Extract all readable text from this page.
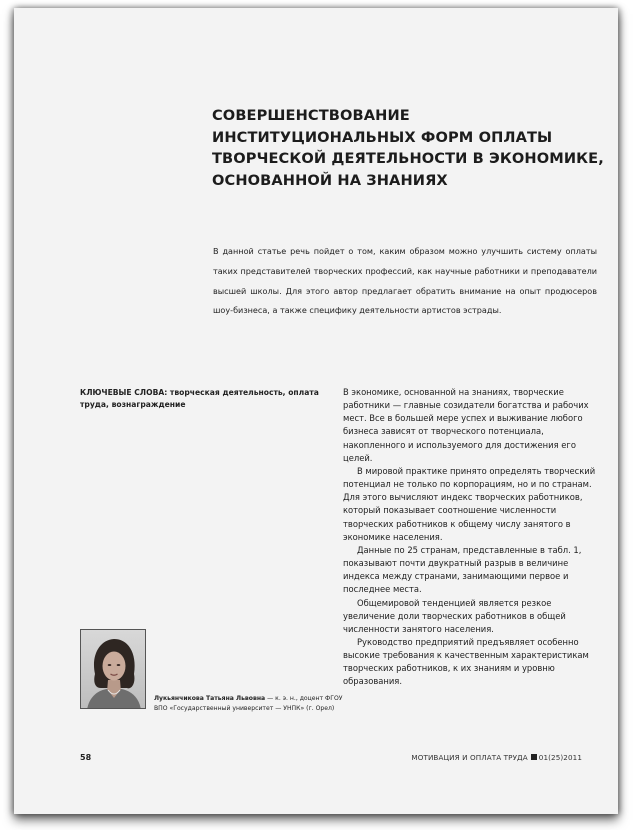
СОВЕРШЕНСТВОВАНИЕ
ИНСТИТУЦИОНАЛЬНЫХ ФОРМ ОПЛАТЫ
ТВОРЧЕСКОЙ ДЕЯТЕЛЬНОСТИ В ЭКОНОМИКЕ,
ОСНОВАННОЙ НА ЗНАНИЯХ
В данной статье речь пойдет о том, каким образом можно улучшить систему оплаты таких представителей творческих профессий, как научные работники и преподаватели высшей школы. Для этого автор предлагает обратить внимание на опыт продюсеров шоу-бизнеса, а также специфику деятельности артистов эстрады.
КЛЮЧЕВЫЕ СЛОВА: творческая деятельность, оплата труда, вознаграждение

В экономике, основанной на знаниях, творческие работники — главные созидатели богатства и рабочих мест. Все в большей мере успех и выживание любого бизнеса зависят от творческого потенциала, накопленного и используемого для достижения его целей.

В мировой практике принято определять творческий потенциал не только по корпорациям, но и по странам. Для этого вычисляют индекс творческих работников, который показывает соотношение численности творческих работников к общему числу занятого в экономике населения.

Данные по 25 странам, представленные в табл. 1, показывают почти двукратный разрыв в величине индекса между странами, занимающими первое и последнее места.

Общемировой тенденцией является резкое увеличение доли творческих работников в общей численности занятого населения.

Руководство предприятий предъявляет особенно высокие требования к качественным характеристикам творческих работников, к их знаниям и уровню образования.

Лукьянчикова Татьяна Львовна — к. э. н., доцент ФГОУ ВПО «Государственный университет — УНПК» (г. Орел)
58	МОТИВАЦИЯ И ОПЛАТА ТРУДА 01(25)2011
